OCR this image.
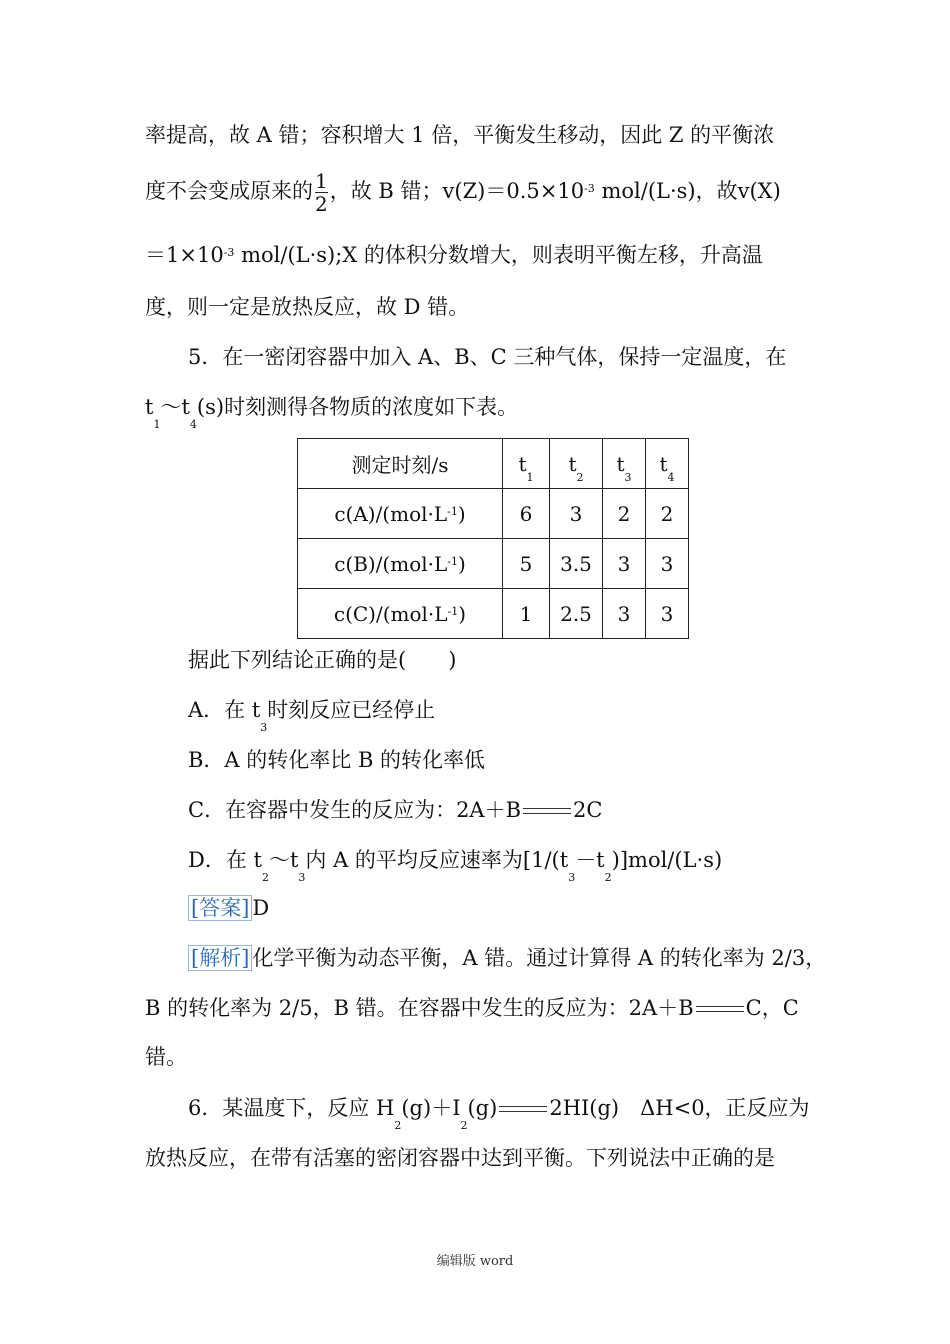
率提高，故 A 错；容积增大 1 倍，平衡发生移动，因此 Z 的平衡浓
度不会变成原来的 $\frac{1}{2}$ ，故 B 错；$v(Z)=0.5\times 10^{-3}$ mol/(L·s)，故v(X)
$=1\times 10^{-3}$ mol/(L·s);X 的体积分数增大，则表明平衡左移，升高温
度，则一定是放热反应，故 D 错。
5．在一密闭容器中加入 A、B、C 三种气体，保持一定温度，在
$t_1\sim t_4(s)$时刻测得各物质的浓度如下表。
测定时刻/s	$t_1$	$t_2$	$t_3$	$t_4$
$c(A)/(mol\cdot L^{-1})$	6	3	2	2
$c(B)/(mol\cdot L^{-1})$	5	3.5	3	3
$c(C)/(mol\cdot L^{-1})$	1	2.5	3	3
据此下列结论正确的是(　　)
A．在 $t_3$时刻反应已经停止
B．A 的转化率比 B 的转化率低
C．在容器中发生的反应为：2A＋B 2C
D．在 $t_2\sim t_3$内 A 的平均反应速率为$[1/(t_3-t_2)]mol/(L\cdot s)$
[答案] D
[解析] 化学平衡为动态平衡，A 错。通过计算得 A 的转化率为 2/3，
B 的转化率为 2/5，B 错。在容器中发生的反应为：2A＋B C，C
错。
6．某温度下，反应 $H_2(g)+I_2(g)$ 2HI(g)　ΔH<0，正反应为
放热反应，在带有活塞的密闭容器中达到平衡。下列说法中正确的是
编辑版 word
